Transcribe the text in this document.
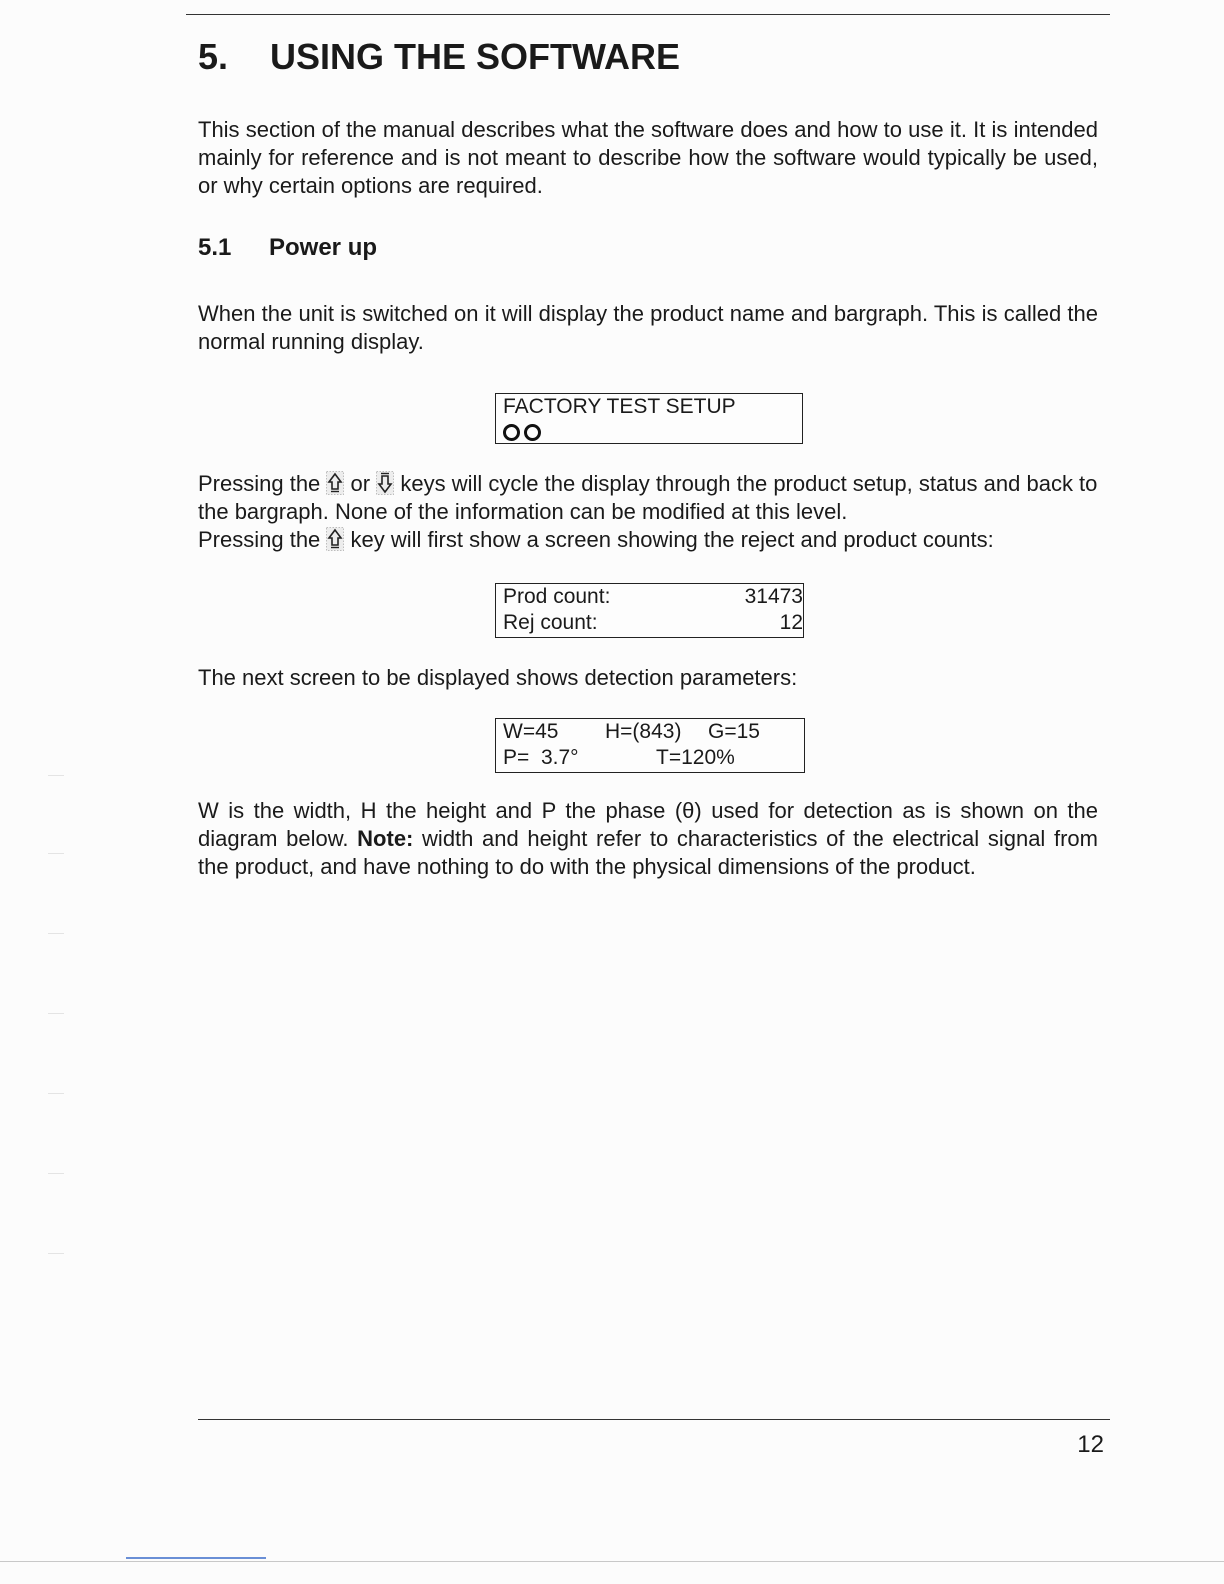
5. USING THE SOFTWARE

This section of the manual describes what the software does and how to use it. It is intended mainly for reference and is not meant to describe how the software would typically be used, or why certain options are required.

5.1 Power up

When the unit is switched on it will display the product name and bargraph. This is called the normal running display.

FACTORY TEST SETUP

Pressing the or keys will cycle the display through the product setup, status and back to the bargraph. None of the information can be modified at this level.
Pressing the key will first show a screen showing the reject and product counts:

Prod count:	31473
Rej count:	12

The next screen to be displayed shows detection parameters:

W=45 H=(843) G=15
P=  3.7°	T=120%

W is the width, H the height and P the phase (θ) used for detection as is shown on the diagram below. Note: width and height refer to characteristics of the electrical signal from the product, and have nothing to do with the physical dimensions of the product.

12
